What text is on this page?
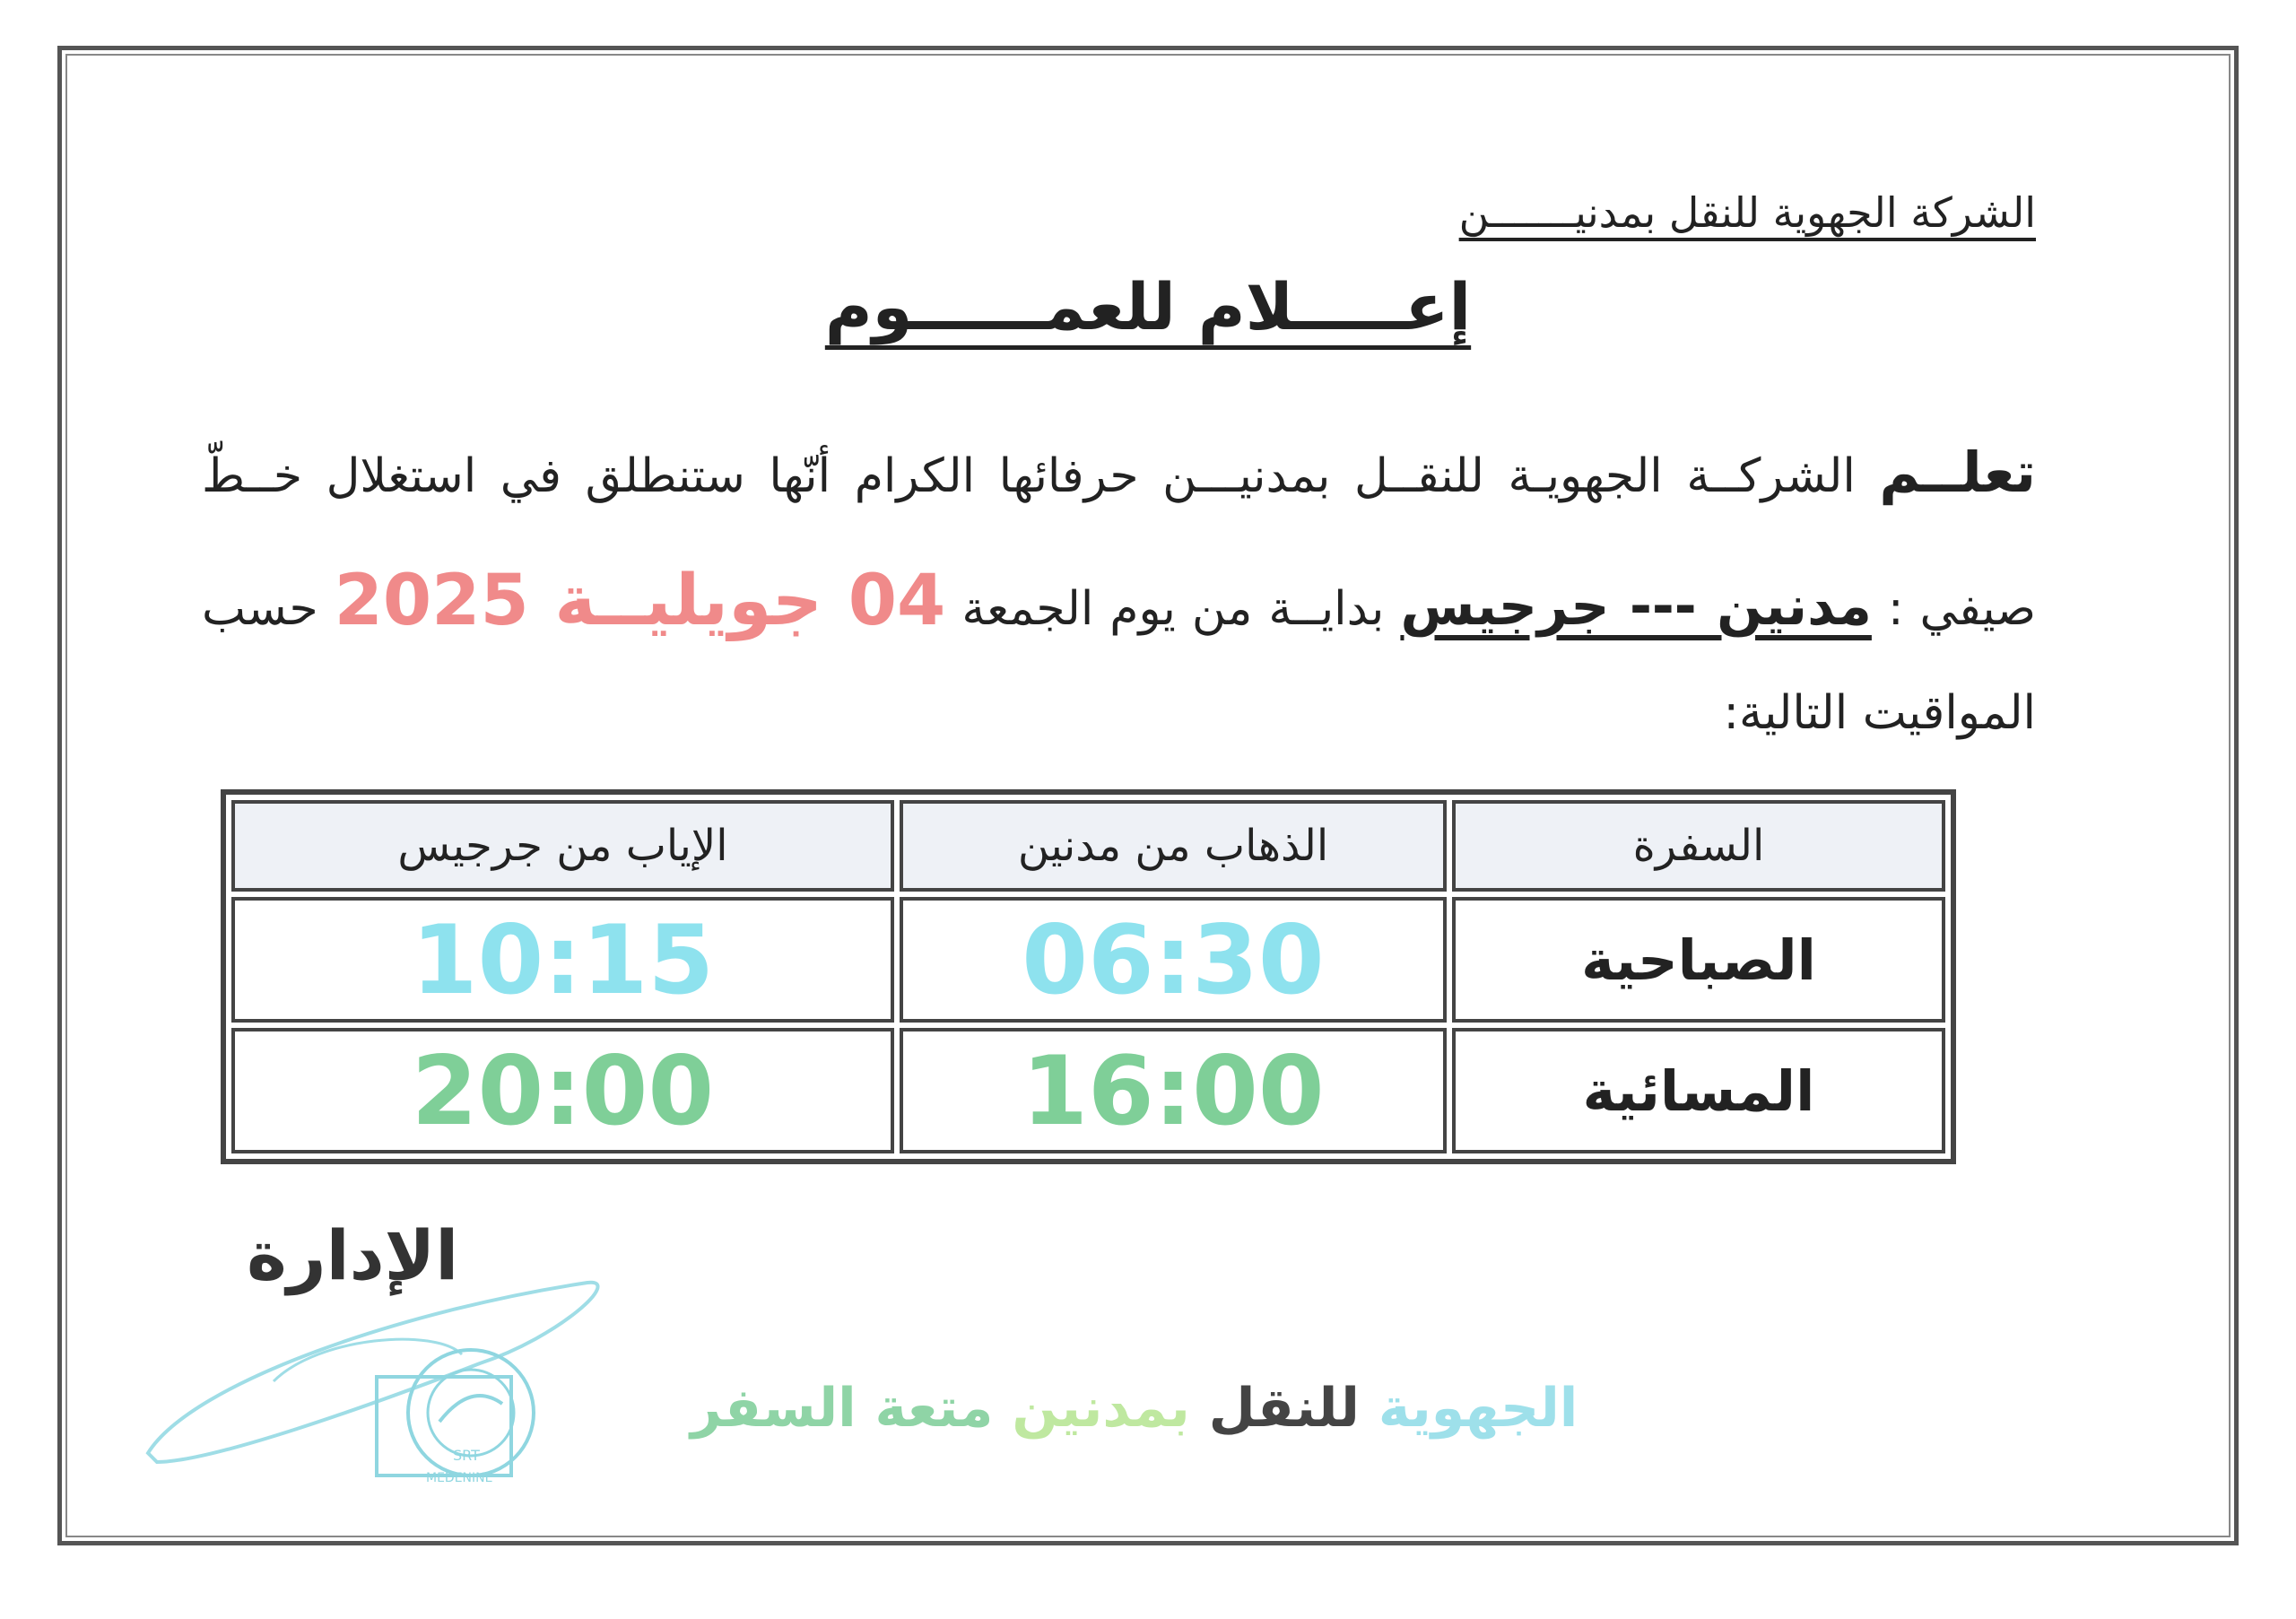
الشركة الجهوية للنقل بمدنيـــــــن
إعـــــلام للعمــــــوم
تعلــم الشركــة الجهويـة للنقــل بمدنيـــن حرفائها الكرام أنّها ستنطلق في استغلال خــطّ
صيفي : مدنين --- جرجيس بدايــة من يوم الجمعة 04 جويليــة 2025 حسب
المواقيت التالية:
السفرة	الذهاب من مدنين	الإياب من جرجيس
الصباحية	06:30	10:15
المسائية	16:00	20:00
SRT
MEDENINE
الإدارة
الجهوية للنقل بمدنين متعة السفر
